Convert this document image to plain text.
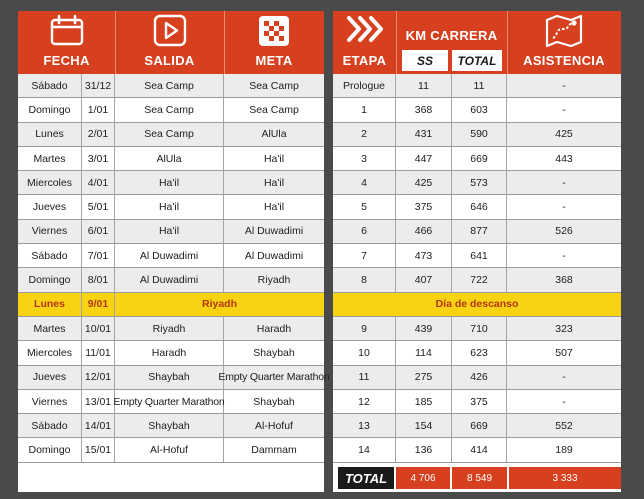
FECHA	SALIDA	META
Sábado	31/12	Sea Camp	Sea Camp
Domingo	1/01	Sea Camp	Sea Camp
Lunes	2/01	Sea Camp	AlUla
Martes	3/01	AlUla	Ha'il
Miercoles	4/01	Ha'il	Ha'il
Jueves	5/01	Ha'il	Ha'il
Viernes	6/01	Ha'il	Al Duwadimi
Sábado	7/01	Al Duwadimi	Al Duwadimi
Domingo	8/01	Al Duwadimi	Riyadh
Lunes	9/01	Riyadh
Martes	10/01	Riyadh	Haradh
Miercoles	11/01	Haradh	Shaybah
Jueves	12/01	Shaybah	Empty Quarter Marathon
Viernes	13/01 Empty Quarter Marathon	Shaybah
Sábado	14/01	Shaybah	Al-Hofuf
Domingo	15/01	Al-Hofuf	Dammam
ETAPA
KM CARRERA
SS	TOTAL	ASISTENCIA
Prologue	11	11	-
1	368	603	-
2	431	590	425
3	447	669	443
4	425	573	-
5	375	646	-
6	466	877	526
7	473	641	-
8	407	722	368
Día de descanso
9	439	710	323
10	114	623	507
11	275	426	-
12	185	375	-
13	154	669	552
14	136	414	189
TOTAL	4 706	8 549	3 333
